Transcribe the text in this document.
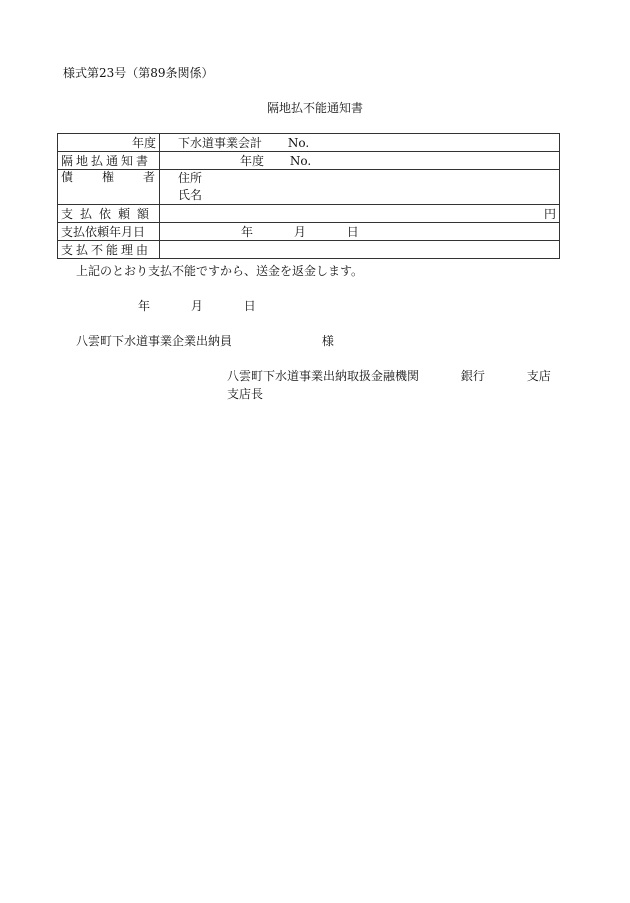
様式第23号（第89条関係）
隔地払不能通知書
年度	下水道事業会計 No.

隔地払通知書	年度 No.
債権者	住所
氏名

支払依頼額	円
支払依頼年月日	年 月 日
支払不能理由	
上記のとおり支払不能ですから、送金を返金します。
年	月	日
八雲町下水道事業企業出納員	様
八雲町下水道事業出納取扱金融機関	銀行	支店
支店長
